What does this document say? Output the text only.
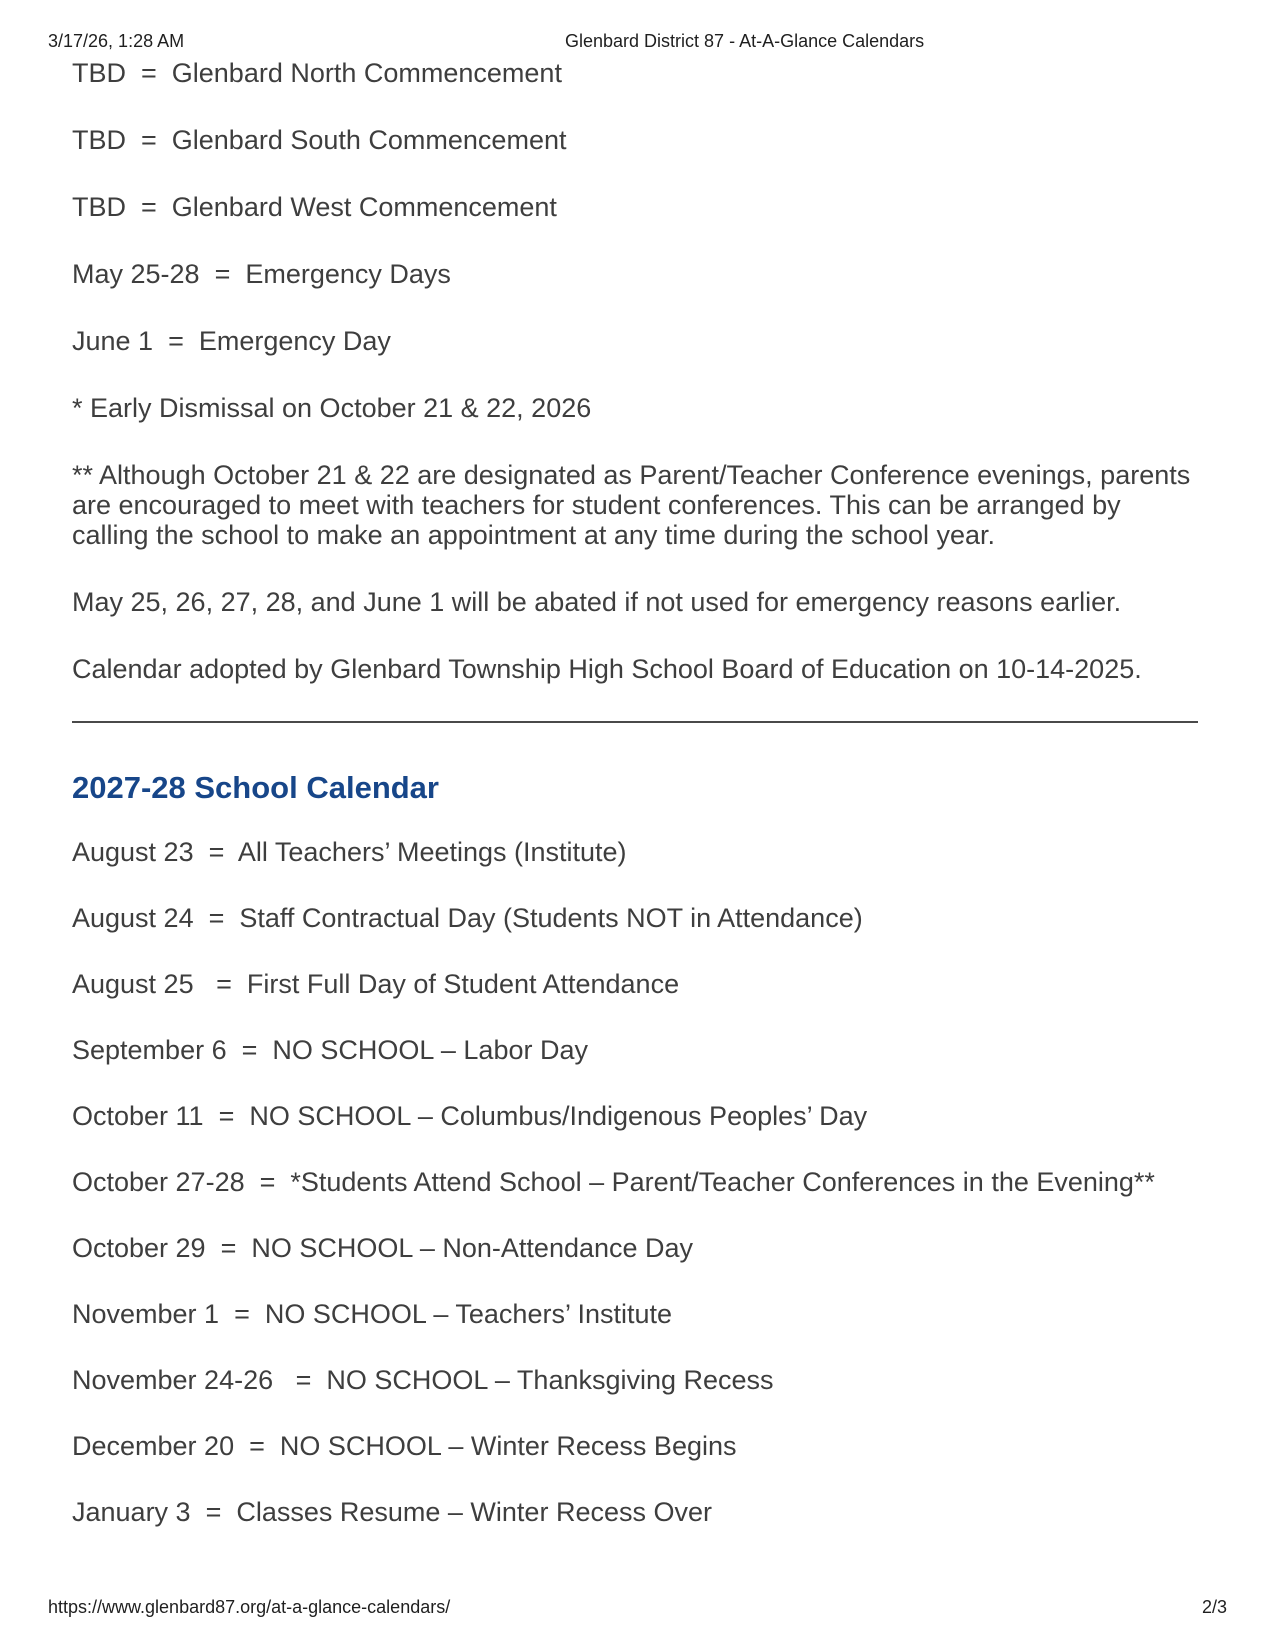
3/17/26, 1:28 AM	Glenbard District 87 - At-A-Glance Calendars

TBD  =  Glenbard North Commencement

TBD  =  Glenbard South Commencement

TBD  =  Glenbard West Commencement

May 25-28  =  Emergency Days

June 1  =  Emergency Day

* Early Dismissal on October 21 & 22, 2026

** Although October 21 & 22 are designated as Parent/Teacher Conference evenings, parents are encouraged to meet with teachers for student conferences. This can be arranged by calling the school to make an appointment at any time during the school year.

May 25, 26, 27, 28, and June 1 will be abated if not used for emergency reasons earlier.

Calendar adopted by Glenbard Township High School Board of Education on 10-14-2025.

2027-28 School Calendar

August 23  =  All Teachers’ Meetings (Institute)

August 24  =  Staff Contractual Day (Students NOT in Attendance)

August 25   =  First Full Day of Student Attendance

September 6  =  NO SCHOOL – Labor Day

October 11  =  NO SCHOOL – Columbus/Indigenous Peoples’ Day

October 27-28  =  *Students Attend School – Parent/Teacher Conferences in the Evening**

October 29  =  NO SCHOOL – Non-Attendance Day

November 1  =  NO SCHOOL – Teachers’ Institute

November 24-26   =  NO SCHOOL – Thanksgiving Recess

December 20  =  NO SCHOOL – Winter Recess Begins

January 3  =  Classes Resume – Winter Recess Over

https://www.glenbard87.org/at-a-glance-calendars/	2/3
